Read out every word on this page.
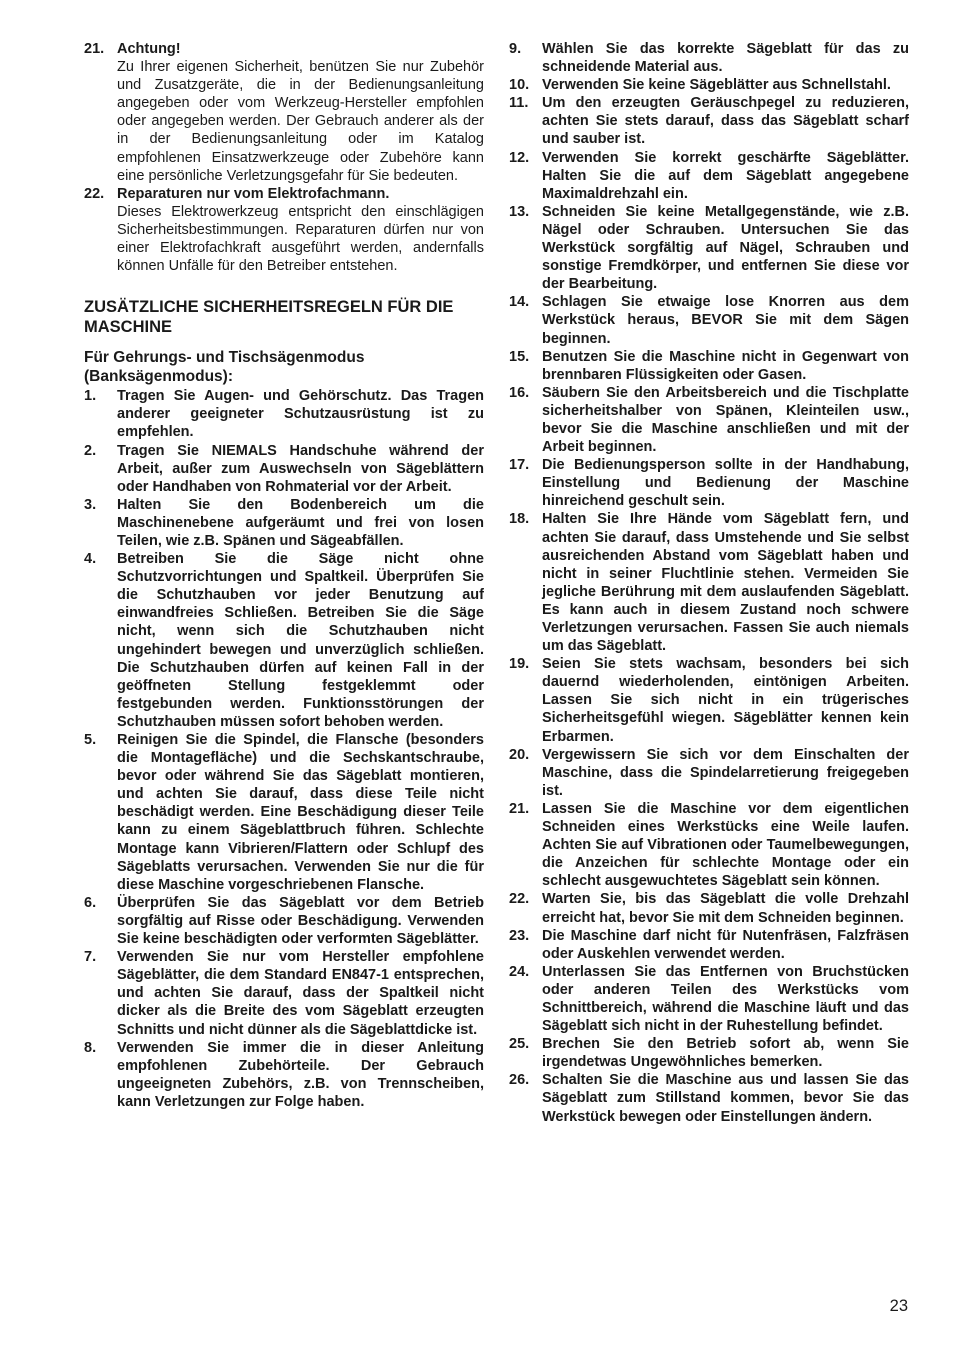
21. Achtung!
Zu Ihrer eigenen Sicherheit, benützen Sie nur Zubehör und Zusatzgeräte, die in der Bedienungsanleitung angegeben oder vom Werkzeug-Hersteller empfohlen oder angegeben werden. Der Gebrauch anderer als der in der Bedienungsanleitung oder im Katalog empfohlenen Einsatzwerkzeuge oder Zubehöre kann eine persönliche Verletzungsgefahr für Sie bedeuten.
22. Reparaturen nur vom Elektrofachmann.
Dieses Elektrowerkzeug entspricht den einschlägigen Sicherheitsbestimmungen. Reparaturen dürfen nur von einer Elektrofachkraft ausgeführt werden, andernfalls können Unfälle für den Betreiber entstehen.
ZUSÄTZLICHE SICHERHEITSREGELN FÜR DIE MASCHINE
Für Gehrungs- und Tischsägenmodus (Banksägenmodus):
1.	Tragen Sie Augen- und Gehörschutz. Das Tragen anderer geeigneter Schutzausrüstung ist zu empfehlen.
2.	Tragen Sie NIEMALS Handschuhe während der Arbeit, außer zum Auswechseln von Sägeblättern oder Handhaben von Rohmaterial vor der Arbeit.
3.	Halten Sie den Bodenbereich um die Maschinenebene aufgeräumt und frei von losen Teilen, wie z.B. Spänen und Sägeabfällen.
4.	Betreiben Sie die Säge nicht ohne Schutzvorrichtungen und Spaltkeil. Überprüfen Sie die Schutzhauben vor jeder Benutzung auf einwandfreies Schließen. Betreiben Sie die Säge nicht, wenn sich die Schutzhauben nicht ungehindert bewegen und unverzüglich schließen. Die Schutzhauben dürfen auf keinen Fall in der geöffneten Stellung festgeklemmt oder festgebunden werden. Funktionsstörungen der Schutzhauben müssen sofort behoben werden.
5.	Reinigen Sie die Spindel, die Flansche (besonders die Montagefläche) und die Sechskantschraube, bevor oder während Sie das Sägeblatt montieren, und achten Sie darauf, dass diese Teile nicht beschädigt werden. Eine Beschädigung dieser Teile kann zu einem Sägeblattbruch führen. Schlechte Montage kann Vibrieren/Flattern oder Schlupf des Sägeblatts verursachen. Verwenden Sie nur die für diese Maschine vorgeschriebenen Flansche.
6.	Überprüfen Sie das Sägeblatt vor dem Betrieb sorgfältig auf Risse oder Beschädigung. Verwenden Sie keine beschädigten oder verformten Sägeblätter.
7.	Verwenden Sie nur vom Hersteller empfohlene Sägeblätter, die dem Standard EN847-1 entsprechen, und achten Sie darauf, dass der Spaltkeil nicht dicker als die Breite des vom Sägeblatt erzeugten Schnitts und nicht dünner als die Sägeblattdicke ist.
8.	Verwenden Sie immer die in dieser Anleitung empfohlenen Zubehörteile. Der Gebrauch ungeeigneten Zubehörs, z.B. von Trennscheiben, kann Verletzungen zur Folge haben.
9.	Wählen Sie das korrekte Sägeblatt für das zu schneidende Material aus.
10. Verwenden Sie keine Sägeblätter aus Schnellstahl.
11. Um den erzeugten Geräuschpegel zu reduzieren, achten Sie stets darauf, dass das Sägeblatt scharf und sauber ist.
12. Verwenden Sie korrekt geschärfte Sägeblätter. Halten Sie die auf dem Sägeblatt angegebene Maximaldrehzahl ein.
13. Schneiden Sie keine Metallgegenstände, wie z.B. Nägel oder Schrauben. Untersuchen Sie das Werkstück sorgfältig auf Nägel, Schrauben und sonstige Fremdkörper, und entfernen Sie diese vor der Bearbeitung.
14. Schlagen Sie etwaige lose Knorren aus dem Werkstück heraus, BEVOR Sie mit dem Sägen beginnen.
15. Benutzen Sie die Maschine nicht in Gegenwart von brennbaren Flüssigkeiten oder Gasen.
16. Säubern Sie den Arbeitsbereich und die Tischplatte sicherheitshalber von Spänen, Kleinteilen usw., bevor Sie die Maschine anschließen und mit der Arbeit beginnen.
17. Die Bedienungsperson sollte in der Handhabung, Einstellung und Bedienung der Maschine hinreichend geschult sein.
18. Halten Sie Ihre Hände vom Sägeblatt fern, und achten Sie darauf, dass Umstehende und Sie selbst ausreichenden Abstand vom Sägeblatt haben und nicht in seiner Fluchtlinie stehen. Vermeiden Sie jegliche Berührung mit dem auslaufenden Sägeblatt. Es kann auch in diesem Zustand noch schwere Verletzungen verursachen. Fassen Sie auch niemals um das Sägeblatt.
19. Seien Sie stets wachsam, besonders bei sich dauernd wiederholenden, eintönigen Arbeiten. Lassen Sie sich nicht in ein trügerisches Sicherheitsgefühl wiegen. Sägeblätter kennen kein Erbarmen.
20. Vergewissern Sie sich vor dem Einschalten der Maschine, dass die Spindelarretierung freigegeben ist.
21. Lassen Sie die Maschine vor dem eigentlichen Schneiden eines Werkstücks eine Weile laufen. Achten Sie auf Vibrationen oder Taumelbewegungen, die Anzeichen für schlechte Montage oder ein schlecht ausgewuchtetes Sägeblatt sein können.
22. Warten Sie, bis das Sägeblatt die volle Drehzahl erreicht hat, bevor Sie mit dem Schneiden beginnen.
23. Die Maschine darf nicht für Nutenfräsen, Falzfräsen oder Auskehlen verwendet werden.
24. Unterlassen Sie das Entfernen von Bruchstücken oder anderen Teilen des Werkstücks vom Schnittbereich, während die Maschine läuft und das Sägeblatt sich nicht in der Ruhestellung befindet.
25. Brechen Sie den Betrieb sofort ab, wenn Sie irgendetwas Ungewöhnliches bemerken.
26. Schalten Sie die Maschine aus und lassen Sie das Sägeblatt zum Stillstand kommen, bevor Sie das Werkstück bewegen oder Einstellungen ändern.
23
